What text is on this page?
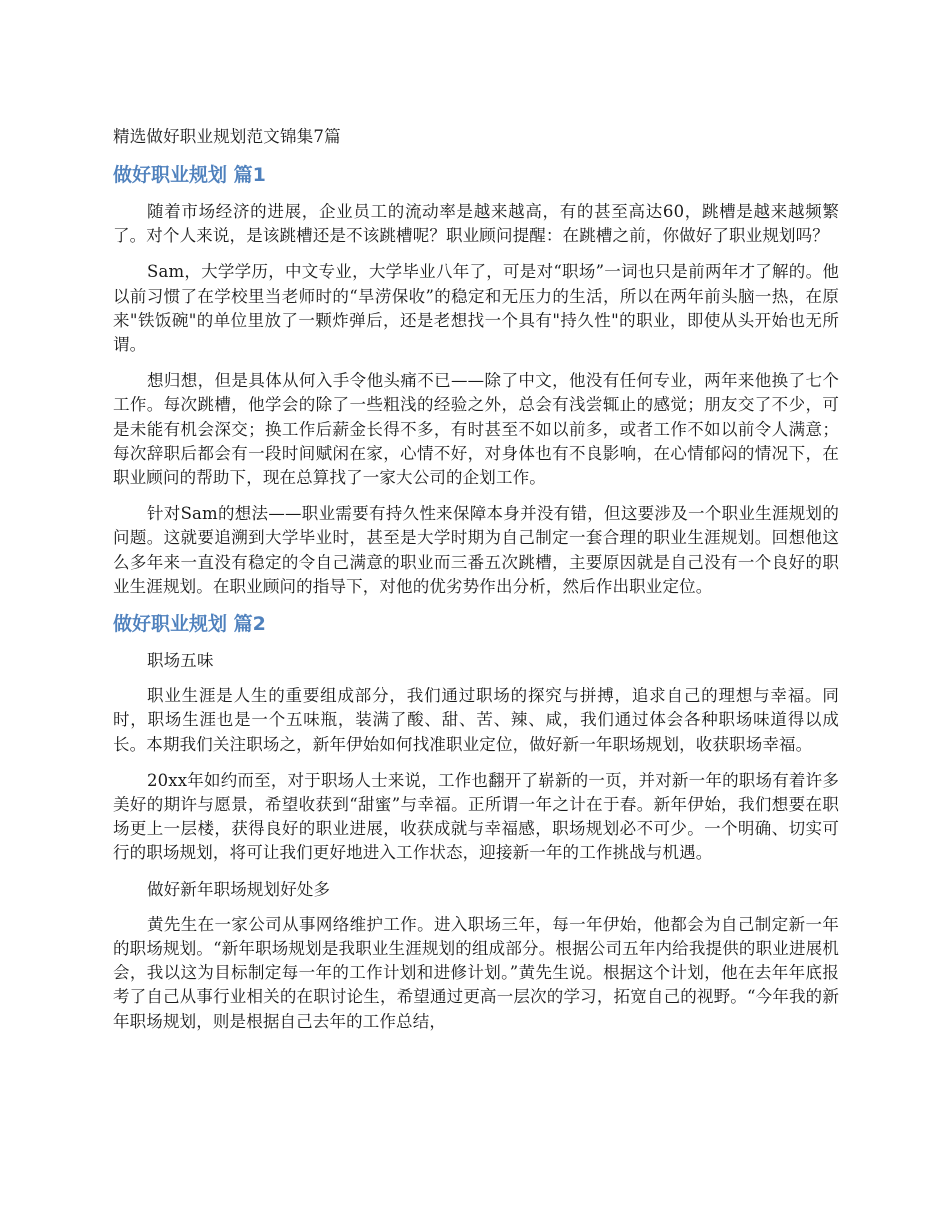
精选做好职业规划范文锦集7篇
做好职业规划 篇1

随着市场经济的进展，企业员工的流动率是越来越高，有的甚至高达60，跳槽是越来越频繁了。对个人来说，是该跳槽还是不该跳槽呢？职业顾问提醒：在跳槽之前，你做好了职业规划吗？

Sam，大学学历，中文专业，大学毕业八年了，可是对“职场”一词也只是前两年才了解的。他以前习惯了在学校里当老师时的“旱涝保收”的稳定和无压力的生活，所以在两年前头脑一热，在原来"铁饭碗"的单位里放了一颗炸弹后，还是老想找一个具有"持久性"的职业，即使从头开始也无所谓。

想归想，但是具体从何入手令他头痛不已——除了中文，他没有任何专业，两年来他换了七个工作。每次跳槽，他学会的除了一些粗浅的经验之外，总会有浅尝辄止的感觉；朋友交了不少，可是未能有机会深交；换工作后薪金长得不多，有时甚至不如以前多，或者工作不如以前令人满意；每次辞职后都会有一段时间赋闲在家，心情不好，对身体也有不良影响，在心情郁闷的情况下，在职业顾问的帮助下，现在总算找了一家大公司的企划工作。

针对Sam的想法——职业需要有持久性来保障本身并没有错，但这要涉及一个职业生涯规划的问题。这就要追溯到大学毕业时，甚至是大学时期为自己制定一套合理的职业生涯规划。回想他这么多年来一直没有稳定的令自己满意的职业而三番五次跳槽，主要原因就是自己没有一个良好的职业生涯规划。在职业顾问的指导下，对他的优劣势作出分析，然后作出职业定位。

做好职业规划 篇2

职场五味

职业生涯是人生的重要组成部分，我们通过职场的探究与拼搏，追求自己的理想与幸福。同时，职场生涯也是一个五味瓶，装满了酸、甜、苦、辣、咸，我们通过体会各种职场味道得以成长。本期我们关注职场之，新年伊始如何找准职业定位，做好新一年职场规划，收获职场幸福。

20xx年如约而至，对于职场人士来说，工作也翻开了崭新的一页，并对新一年的职场有着许多美好的期许与愿景，希望收获到“甜蜜”与幸福。正所谓一年之计在于春。新年伊始，我们想要在职场更上一层楼，获得良好的职业进展，收获成就与幸福感，职场规划必不可少。一个明确、切实可行的职场规划，将可让我们更好地进入工作状态，迎接新一年的工作挑战与机遇。

做好新年职场规划好处多

黄先生在一家公司从事网络维护工作。进入职场三年，每一年伊始，他都会为自己制定新一年的职场规划。“新年职场规划是我职业生涯规划的组成部分。根据公司五年内给我提供的职业进展机会，我以这为目标制定每一年的工作计划和进修计划。”黄先生说。根据这个计划，他在去年年底报考了自己从事行业相关的在职讨论生，希望通过更高一层次的学习，拓宽自己的视野。“今年我的新年职场规划，则是根据自己去年的工作总结，
